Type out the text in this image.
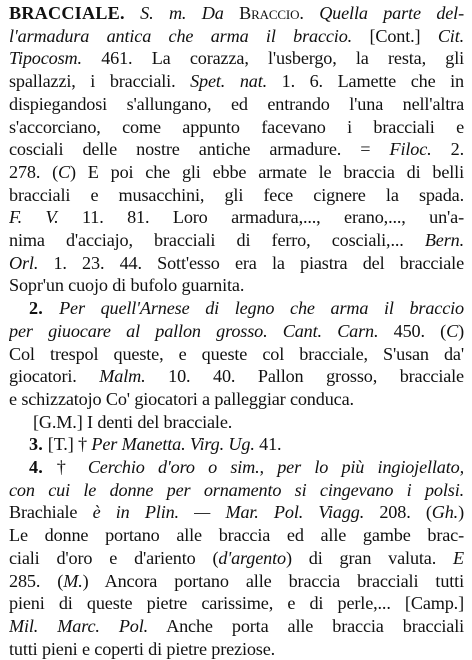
BRACCIALE. S. m. Da Braccio. Quella parte del-
l'armadura antica che arma il braccio. [Cont.] Cit.
Tipocosm. 461. La corazza, l'usbergo, la resta, gli
spallazzi, i bracciali. Spet. nat. 1. 6. Lamette che in
dispiegandosi s'allungano, ed entrando l'una nell'altra
s'accorciano, come appunto facevano i bracciali e
cosciali delle nostre antiche armadure. = Filoc. 2.
278. (C) E poi che gli ebbe armate le braccia di belli
bracciali e musacchini, gli fece cignere la spada.
F. V. 11. 81. Loro armadura,..., erano,..., un'a-
nima d'acciajo, bracciali di ferro, cosciali,... Bern.
Orl. 1. 23. 44. Sott'esso era la piastra del bracciale
Sopr'un cuojo di bufolo guarnita.
2. Per quell'Arnese di legno che arma il braccio
per giuocare al pallon grosso. Cant. Carn. 450. (C)
Col trespol queste, e queste col bracciale, S'usan da'
giocatori. Malm. 10. 40. Pallon grosso, bracciale
e schizzatojo Co' giocatori a palleggiar conduca.
[G.M.] I denti del bracciale.
3. [T.] † Per Manetta. Virg. Ug. 41.
4. † Cerchio d'oro o sim., per lo più ingiojellato,
con cui le donne per ornamento si cingevano i polsi.
Brachiale è in Plin. — Mar. Pol. Viagg. 208. (Gh.)
Le donne portano alle braccia ed alle gambe brac-
ciali d'oro e d'ariento (d'argento) di gran valuta. E
285. (M.) Ancora portano alle braccia bracciali tutti
pieni di queste pietre carissime, e di perle,... [Camp.]
Mil. Marc. Pol. Anche porta alle braccia bracciali
tutti pieni e coperti di pietre preziose.
